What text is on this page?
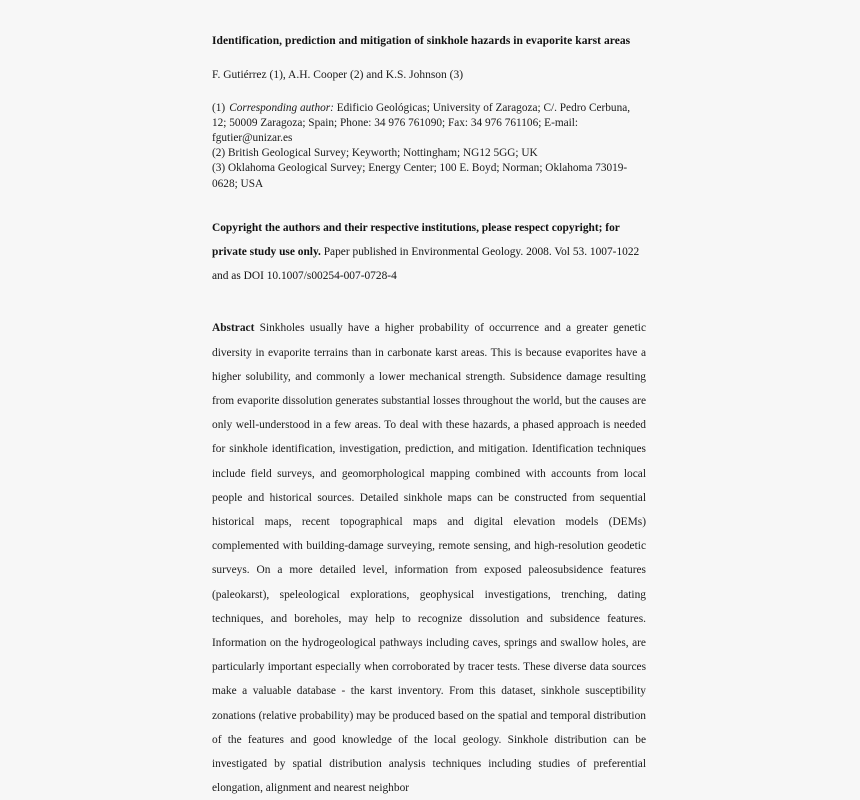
Identification, prediction and mitigation of sinkhole hazards in evaporite karst areas
F. Gutiérrez (1), A.H. Cooper (2) and K.S. Johnson (3)
(1) Corresponding author: Edificio Geológicas; University of Zaragoza; C/. Pedro Cerbuna, 12; 50009 Zaragoza; Spain; Phone: 34 976 761090; Fax: 34 976 761106; E-mail: fgutier@unizar.es
(2) British Geological Survey; Keyworth; Nottingham; NG12 5GG; UK
(3) Oklahoma Geological Survey; Energy Center; 100 E. Boyd; Norman; Oklahoma 73019-0628; USA
Copyright the authors and their respective institutions, please respect copyright; for private study use only. Paper published in Environmental Geology. 2008. Vol 53. 1007-1022 and as DOI 10.1007/s00254-007-0728-4
Abstract Sinkholes usually have a higher probability of occurrence and a greater genetic diversity in evaporite terrains than in carbonate karst areas. This is because evaporites have a higher solubility, and commonly a lower mechanical strength. Subsidence damage resulting from evaporite dissolution generates substantial losses throughout the world, but the causes are only well-understood in a few areas. To deal with these hazards, a phased approach is needed for sinkhole identification, investigation, prediction, and mitigation. Identification techniques include field surveys, and geomorphological mapping combined with accounts from local people and historical sources. Detailed sinkhole maps can be constructed from sequential historical maps, recent topographical maps and digital elevation models (DEMs) complemented with building-damage surveying, remote sensing, and high-resolution geodetic surveys. On a more detailed level, information from exposed paleosubsidence features (paleokarst), speleological explorations, geophysical investigations, trenching, dating techniques, and boreholes, may help to recognize dissolution and subsidence features. Information on the hydrogeological pathways including caves, springs and swallow holes, are particularly important especially when corroborated by tracer tests. These diverse data sources make a valuable database - the karst inventory. From this dataset, sinkhole susceptibility zonations (relative probability) may be produced based on the spatial and temporal distribution of the features and good knowledge of the local geology. Sinkhole distribution can be investigated by spatial distribution analysis techniques including studies of preferential elongation, alignment and nearest neighbor
